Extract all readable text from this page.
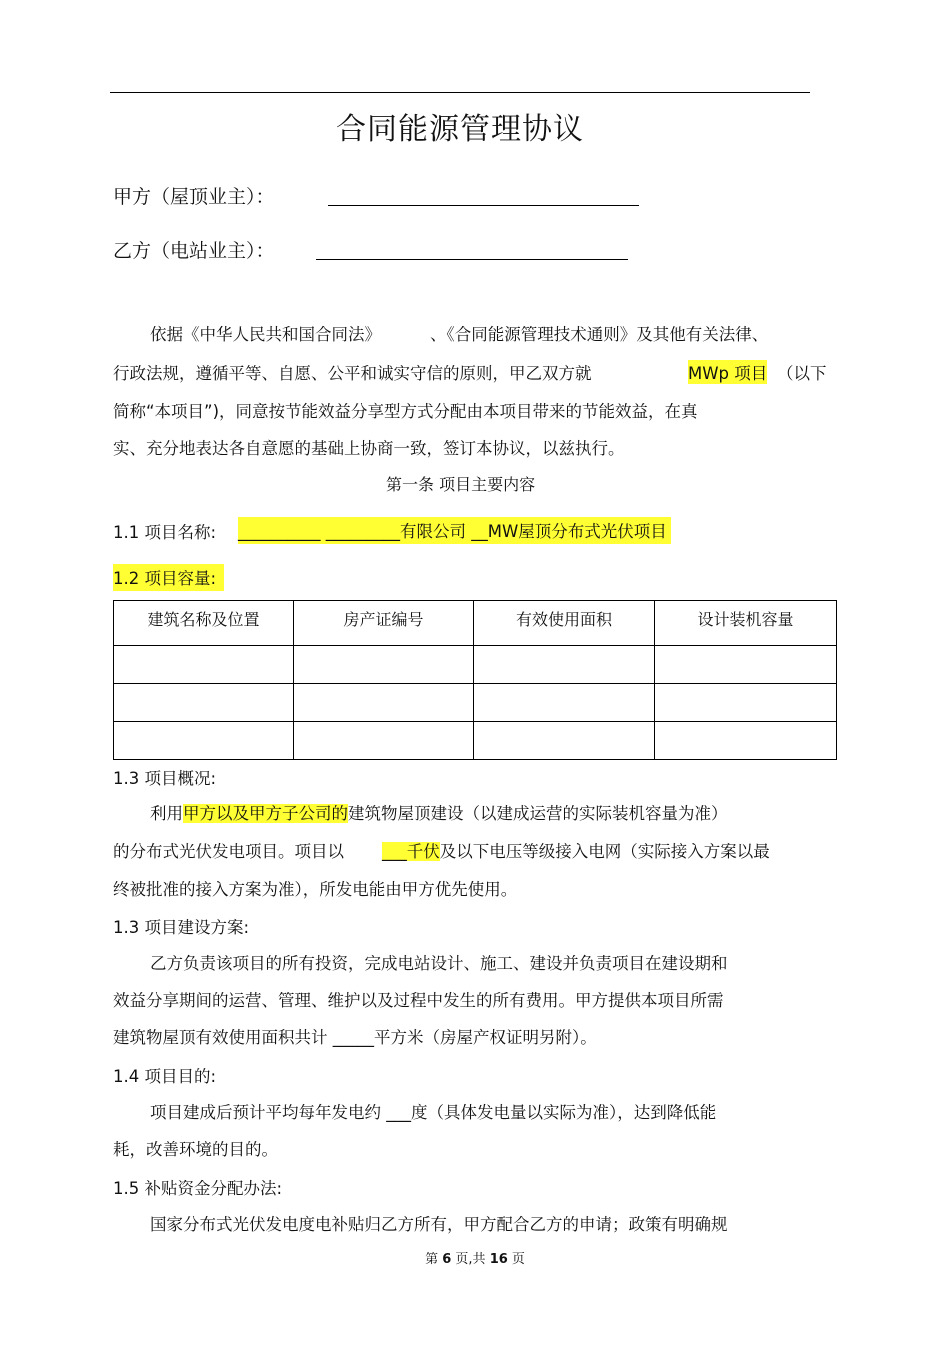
合同能源管理协议
甲方（屋顶业主）：
乙方（电站业主）：
依据《中华人民共和国合同法》	、《合同能源管理技术通则》及其他有关法律、
行政法规，遵循平等、自愿、公平和诚实守信的原则，甲乙双方就	MWp 项目 （以下
简称“本项目”)，同意按节能效益分享型方式分配由本项目带来的节能效益，在真
实、充分地表达各自意愿的基础上协商一致，签订本协议，以兹执行。
第一条 项目主要内容
1.1 项目名称: __________ _________有限公司 __MW屋顶分布式光伏项目
1.2 项目容量:
建筑名称及位置	房产证编号	有效使用面积	设计装机容量

1.3 项目概况:
利用甲方以及甲方子公司的建筑物屋顶建设（以建成运营的实际装机容量为准）
的分布式光伏发电项目。项目以 ___千伏及以下电压等级接入电网（实际接入方案以最
终被批准的接入方案为准），所发电能由甲方优先使用。
1.3 项目建设方案:
乙方负责该项目的所有投资，完成电站设计、施工、建设并负责项目在建设期和
效益分享期间的运营、管理、维护以及过程中发生的所有费用。甲方提供本项目所需
建筑物屋顶有效使用面积共计 _____平方米（房屋产权证明另附）。
1.4 项目目的:
项目建成后预计平均每年发电约 ___度（具体发电量以实际为准），达到降低能
耗，改善环境的目的。
1.5 补贴资金分配办法:
国家分布式光伏发电度电补贴归乙方所有，甲方配合乙方的申请；政策有明确规
第 6 页,共 16 页
